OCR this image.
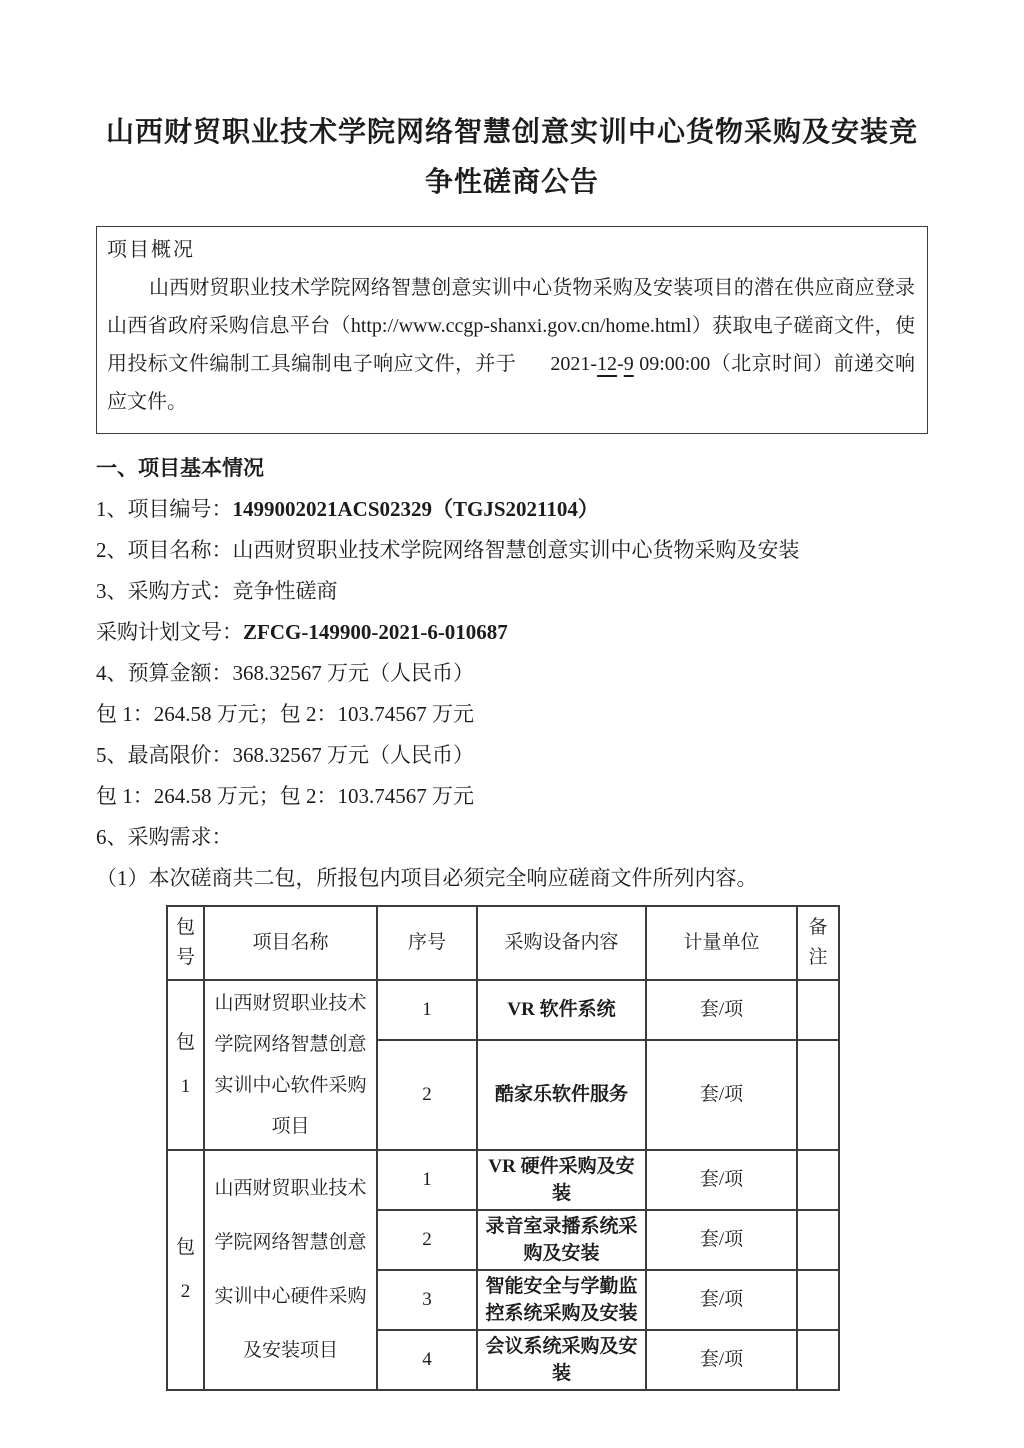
山西财贸职业技术学院网络智慧创意实训中心货物采购及安装竞争性磋商公告
项目概况

山西财贸职业技术学院网络智慧创意实训中心货物采购及安装项目的潜在供应商应登录山西省政府采购信息平台（http://www.ccgp-shanxi.gov.cn/home.html）获取电子磋商文件，使用投标文件编制工具编制电子响应文件，并于 2021-12-9 09:00:00（北京时间）前递交响应文件。

一、项目基本情况

1、项目编号：1499002021ACS02329（TGJS2021104）

2、项目名称：山西财贸职业技术学院网络智慧创意实训中心货物采购及安装

3、采购方式：竞争性磋商

采购计划文号：ZFCG-149900-2021-6-010687

4、预算金额：368.32567 万元（人民币）

包 1：264.58 万元；包 2：103.74567 万元

5、最高限价：368.32567 万元（人民币）

包 1：264.58 万元；包 2：103.74567 万元

6、采购需求：

（1）本次磋商共二包，所报包内项目必须完全响应磋商文件所列内容。

包号	项目名称	序号	采购设备内容	计量单位	备注
包1	山西财贸职业技术学院网络智慧创意实训中心软件采购项目	1	VR 软件系统	套/项	
		2	酷家乐软件服务	套/项	
包2	山西财贸职业技术学院网络智慧创意实训中心硬件采购及安装项目	1	VR 硬件采购及安装	套/项	
		2	录音室录播系统采购及安装	套/项	
		3	智能安全与学勤监控系统采购及安装	套/项	
		4	会议系统采购及安装	套/项	
